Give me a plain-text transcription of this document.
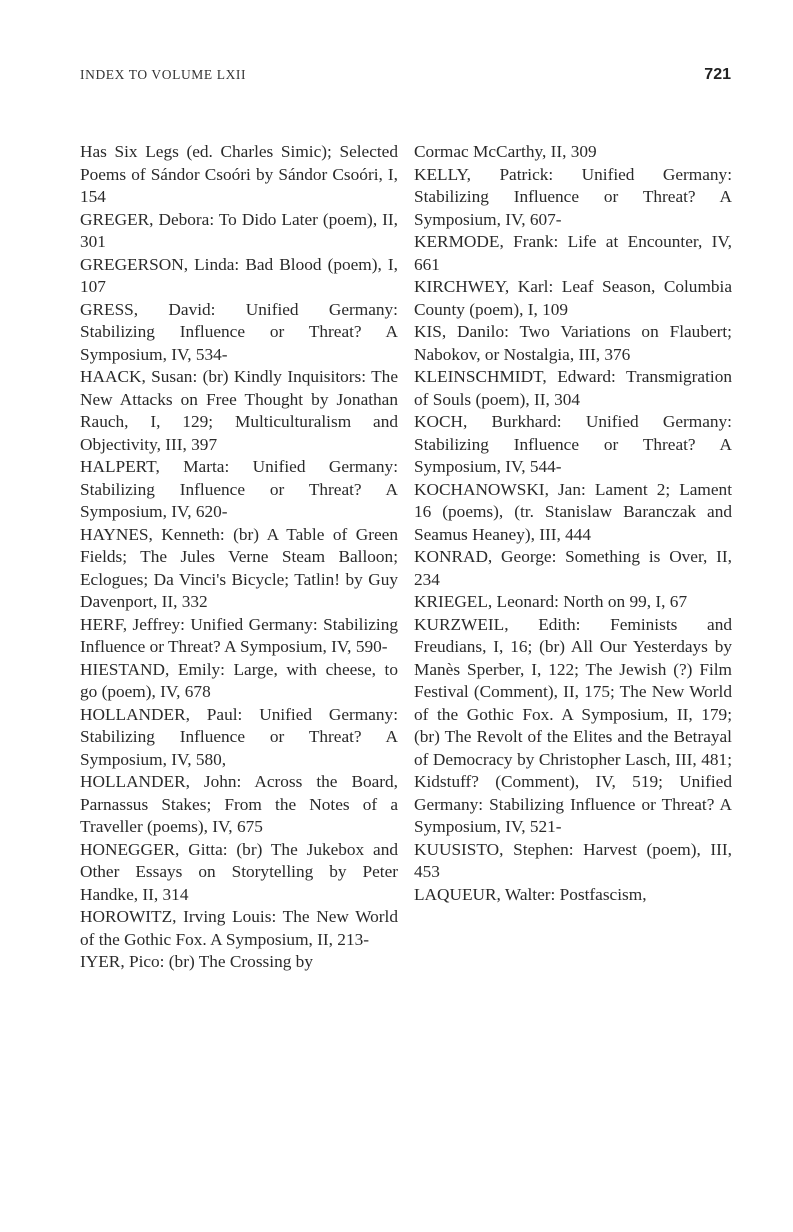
INDEX TO VOLUME LXII	721

Has Six Legs (ed. Charles Simic); Selected Poems of Sándor Csoóri by Sándor Csoóri, I, 154

GREGER, Debora: To Dido Later (poem), II, 301

GREGERSON, Linda: Bad Blood (poem), I, 107

GRESS, David: Unified Germany: Stabilizing Influence or Threat? A Symposium, IV, 534-

HAACK, Susan: (br) Kindly Inquisitors: The New Attacks on Free Thought by Jonathan Rauch, I, 129; Multiculturalism and Objectivity, III, 397

HALPERT, Marta: Unified Germany: Stabilizing Influence or Threat? A Symposium, IV, 620-

HAYNES, Kenneth: (br) A Table of Green Fields; The Jules Verne Steam Balloon; Eclogues; Da Vinci's Bicycle; Tatlin! by Guy Davenport, II, 332

HERF, Jeffrey: Unified Germany: Stabilizing Influence or Threat? A Symposium, IV, 590-

HIESTAND, Emily: Large, with cheese, to go (poem), IV, 678

HOLLANDER, Paul: Unified Germany: Stabilizing Influence or Threat? A Symposium, IV, 580,

HOLLANDER, John: Across the Board, Parnassus Stakes; From the Notes of a Traveller (poems), IV, 675

HONEGGER, Gitta: (br) The Jukebox and Other Essays on Storytelling by Peter Handke, II, 314

HOROWITZ, Irving Louis: The New World of the Gothic Fox. A Symposium, II, 213-

IYER, Pico: (br) The Crossing by

Cormac McCarthy, II, 309

KELLY, Patrick: Unified Germany: Stabilizing Influence or Threat? A Symposium, IV, 607-

KERMODE, Frank: Life at Encounter, IV, 661

KIRCHWEY, Karl: Leaf Season, Columbia County (poem), I, 109

KIS, Danilo: Two Variations on Flaubert; Nabokov, or Nostalgia, III, 376

KLEINSCHMIDT, Edward: Transmigration of Souls (poem), II, 304

KOCH, Burkhard: Unified Germany: Stabilizing Influence or Threat? A Symposium, IV, 544-

KOCHANOWSKI, Jan: Lament 2; Lament 16 (poems), (tr. Stanislaw Baranczak and Seamus Heaney), III, 444

KONRAD, George: Something is Over, II, 234

KRIEGEL, Leonard: North on 99, I, 67

KURZWEIL, Edith: Feminists and Freudians, I, 16; (br) All Our Yesterdays by Manès Sperber, I, 122; The Jewish (?) Film Festival (Comment), II, 175; The New World of the Gothic Fox. A Symposium, II, 179; (br) The Revolt of the Elites and the Betrayal of Democracy by Christopher Lasch, III, 481; Kidstuff? (Comment), IV, 519; Unified Germany: Stabilizing Influence or Threat? A Symposium, IV, 521-

KUUSISTO, Stephen: Harvest (poem), III, 453

LAQUEUR, Walter: Postfascism,
